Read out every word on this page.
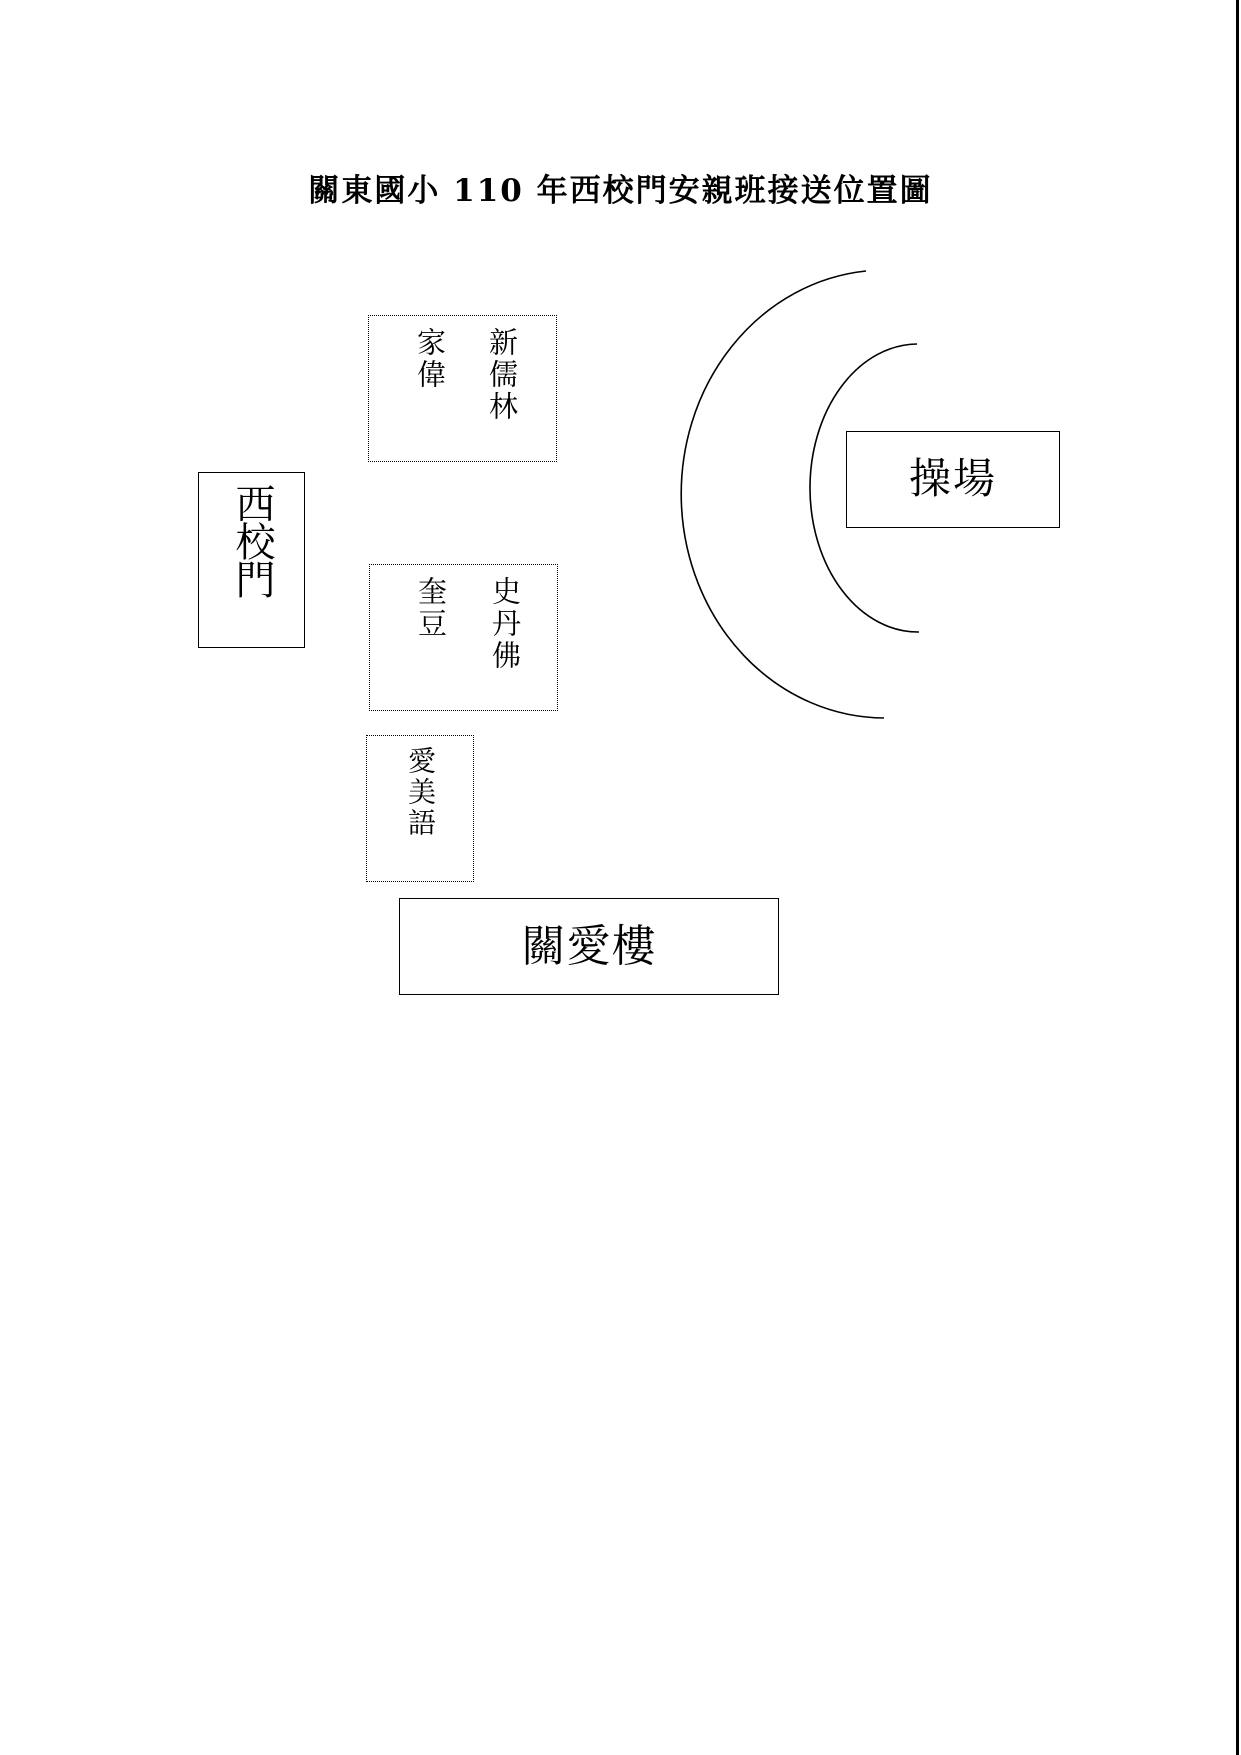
關東國小 110 年西校門安親班接送位置圖
西校門
家偉 新儒林
奎豆 史丹佛
愛美語
關愛樓
操場
